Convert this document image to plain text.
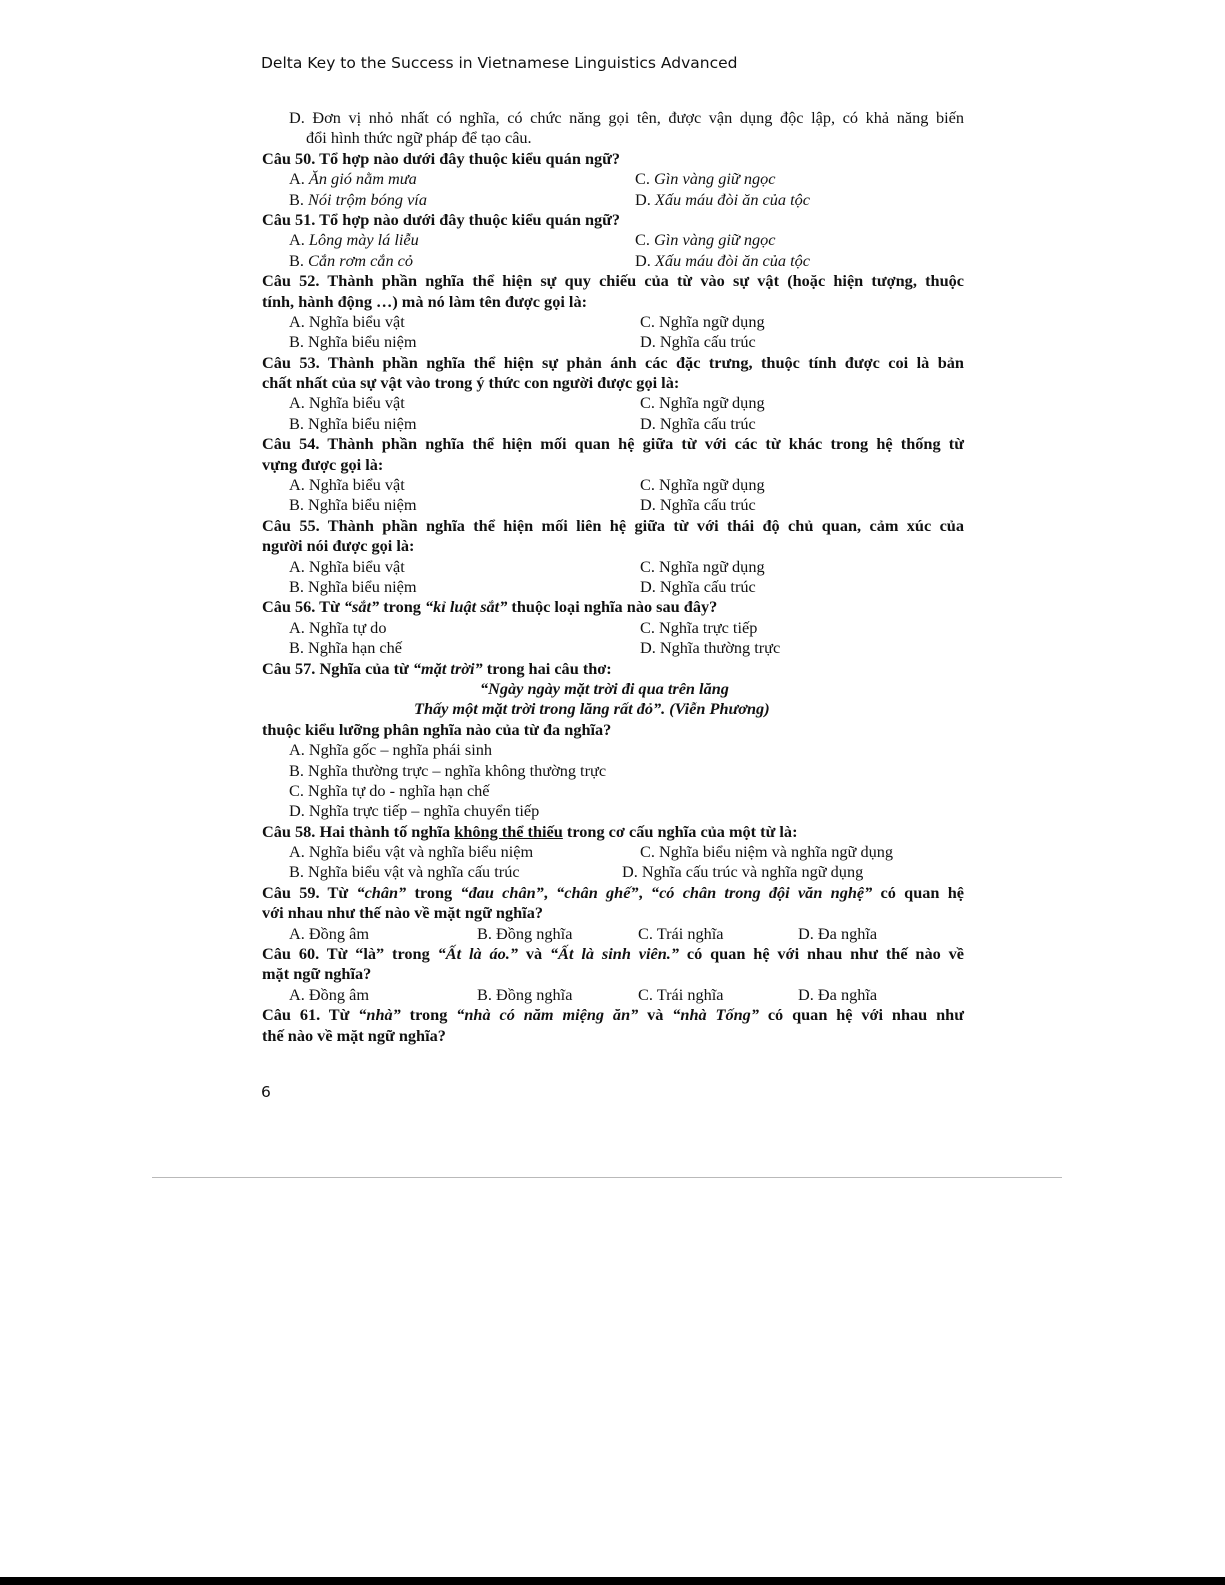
Delta Key to the Success in Vietnamese Linguistics Advanced
D. Đơn vị nhỏ nhất có nghĩa, có chức năng gọi tên, được vận dụng độc lập, có khả năng biến
đổi hình thức ngữ pháp để tạo câu.
Câu 50. Tổ hợp nào dưới đây thuộc kiểu quán ngữ?
A. Ăn gió nằm mưa	C. Gìn vàng giữ ngọc
B. Nói trộm bóng vía	D. Xấu máu đòi ăn của tộc
Câu 51. Tổ hợp nào dưới đây thuộc kiểu quán ngữ?
A. Lông mày lá liễu	C. Gìn vàng giữ ngọc
B. Cắn rơm cắn cỏ	D. Xấu máu đòi ăn của tộc
Câu 52. Thành phần nghĩa thể hiện sự quy chiếu của từ vào sự vật (hoặc hiện tượng, thuộc
tính, hành động …) mà nó làm tên được gọi là:
A. Nghĩa biểu vật	C. Nghĩa ngữ dụng
B. Nghĩa biểu niệm	D. Nghĩa cấu trúc
Câu 53. Thành phần nghĩa thể hiện sự phản ánh các đặc trưng, thuộc tính được coi là bản
chất nhất của sự vật vào trong ý thức con người được gọi là:
A. Nghĩa biểu vật	C. Nghĩa ngữ dụng
B. Nghĩa biểu niệm	D. Nghĩa cấu trúc
Câu 54. Thành phần nghĩa thể hiện mối quan hệ giữa từ với các từ khác trong hệ thống từ
vựng được gọi là:
A. Nghĩa biểu vật	C. Nghĩa ngữ dụng
B. Nghĩa biểu niệm	D. Nghĩa cấu trúc
Câu 55. Thành phần nghĩa thể hiện mối liên hệ giữa từ với thái độ chủ quan, cảm xúc của
người nói được gọi là:
A. Nghĩa biểu vật	C. Nghĩa ngữ dụng
B. Nghĩa biểu niệm	D. Nghĩa cấu trúc
Câu 56. Từ “sắt” trong “kỉ luật sắt” thuộc loại nghĩa nào sau đây?
A. Nghĩa tự do	C. Nghĩa trực tiếp
B. Nghĩa hạn chế	D. Nghĩa thường trực
Câu 57. Nghĩa của từ “mặt trời” trong hai câu thơ:
“Ngày ngày mặt trời đi qua trên lăng
Thấy một mặt trời trong lăng rất đỏ”. (Viễn Phương)
thuộc kiểu lưỡng phân nghĩa nào của từ đa nghĩa?
A. Nghĩa gốc – nghĩa phái sinh
B. Nghĩa thường trực – nghĩa không thường trực
C. Nghĩa tự do - nghĩa hạn chế
D. Nghĩa trực tiếp – nghĩa chuyển tiếp
Câu 58. Hai thành tố nghĩa không thể thiếu trong cơ cấu nghĩa của một từ là:
A. Nghĩa biểu vật và nghĩa biểu niệm	C. Nghĩa biểu niệm và nghĩa ngữ dụng
B. Nghĩa biểu vật và nghĩa cấu trúc	D. Nghĩa cấu trúc và nghĩa ngữ dụng
Câu 59. Từ “chân” trong “đau chân”, “chân ghế”, “có chân trong đội văn nghệ” có quan hệ
với nhau như thế nào về mặt ngữ nghĩa?
A. Đồng âm	B. Đồng nghĩa	C. Trái nghĩa	D. Đa nghĩa
Câu 60. Từ “là” trong “Ất là áo.” và “Ất là sinh viên.” có quan hệ với nhau như thế nào về
mặt ngữ nghĩa?
A. Đồng âm	B. Đồng nghĩa	C. Trái nghĩa	D. Đa nghĩa
Câu 61. Từ “nhà” trong “nhà có năm miệng ăn” và “nhà Tống” có quan hệ với nhau như
thế nào về mặt ngữ nghĩa?
6
